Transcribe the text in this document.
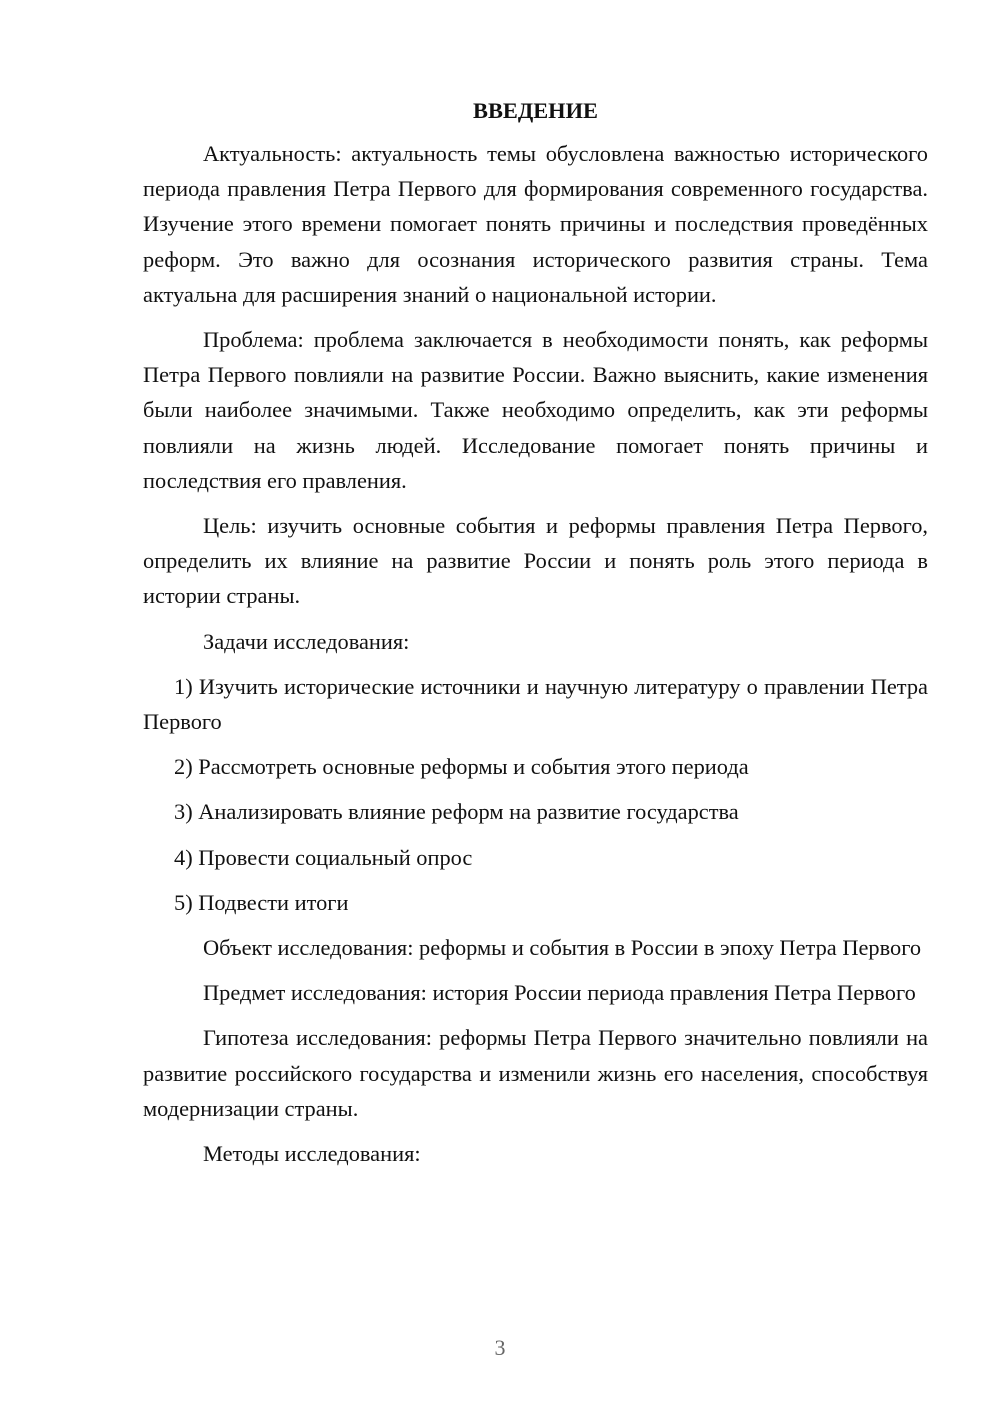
ВВЕДЕНИЕ

Актуальность: актуальность темы обусловлена важностью исторического периода правления Петра Первого для формирования современного государства. Изучение этого времени помогает понять причины и последствия проведённых реформ. Это важно для осознания исторического развития страны. Тема актуальна для расширения знаний о национальной истории.

Проблема: проблема заключается в необходимости понять, как реформы Петра Первого повлияли на развитие России. Важно выяснить, какие изменения были наиболее значимыми. Также необходимо определить, как эти реформы повлияли на жизнь людей. Исследование помогает понять причины и последствия его правления.

Цель: изучить основные события и реформы правления Петра Первого, определить их влияние на развитие России и понять роль этого периода в истории страны.

Задачи исследования:

1) Изучить исторические источники и научную литературу о правлении Петра Первого

2) Рассмотреть основные реформы и события этого периода

3) Анализировать влияние реформ на развитие государства

4) Провести социальный опрос

5) Подвести итоги

Объект исследования: реформы и события в России в эпоху Петра Первого

Предмет исследования: история России периода правления Петра Первого

Гипотеза исследования: реформы Петра Первого значительно повлияли на развитие российского государства и изменили жизнь его населения, способствуя модернизации страны.

Методы исследования:

3
